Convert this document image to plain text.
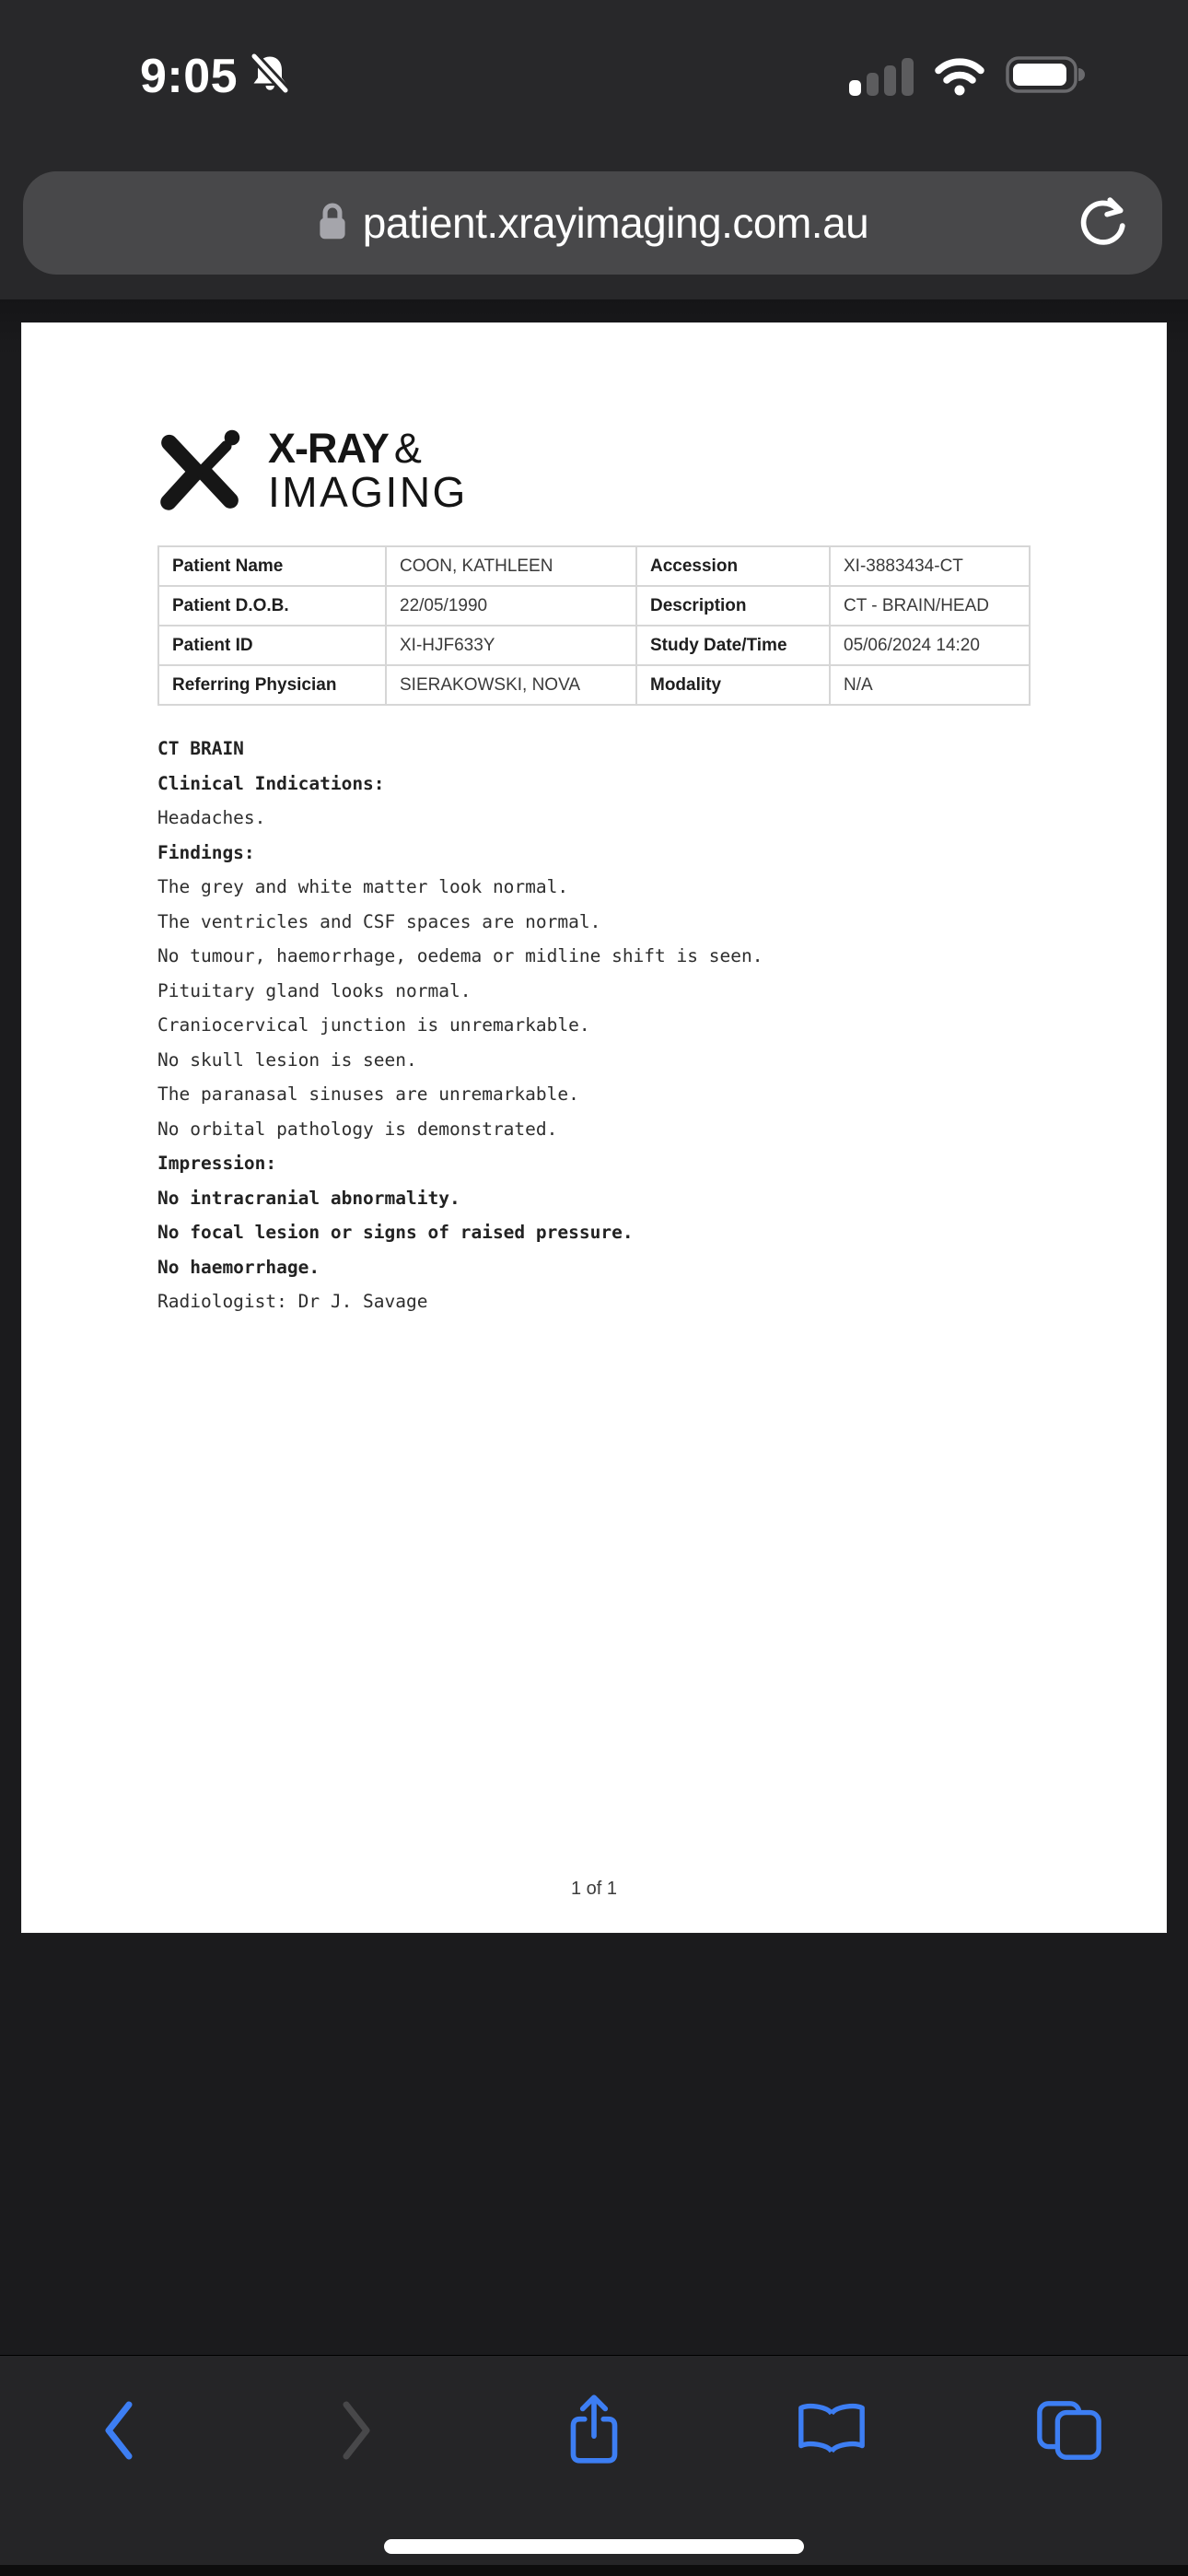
9:05
patient.xrayimaging.com.au
X-RAY &
IMAGING
Patient Name	COON, KATHLEEN	Accession	XI-3883434-CT
Patient D.O.B.	22/05/1990	Description	CT - BRAIN/HEAD
Patient ID	XI-HJF633Y	Study Date/Time	05/06/2024 14:20
Referring Physician	SIERAKOWSKI, NOVA	Modality	N/A
CT BRAIN
Clinical Indications:
Headaches.
Findings:
The grey and white matter look normal.
The ventricles and CSF spaces are normal.
No tumour, haemorrhage, oedema or midline shift is seen.
Pituitary gland looks normal.
Craniocervical junction is unremarkable.
No skull lesion is seen.
The paranasal sinuses are unremarkable.
No orbital pathology is demonstrated.
Impression:
No intracranial abnormality.
No focal lesion or signs of raised pressure.
No haemorrhage.
Radiologist: Dr J. Savage
1 of 1
